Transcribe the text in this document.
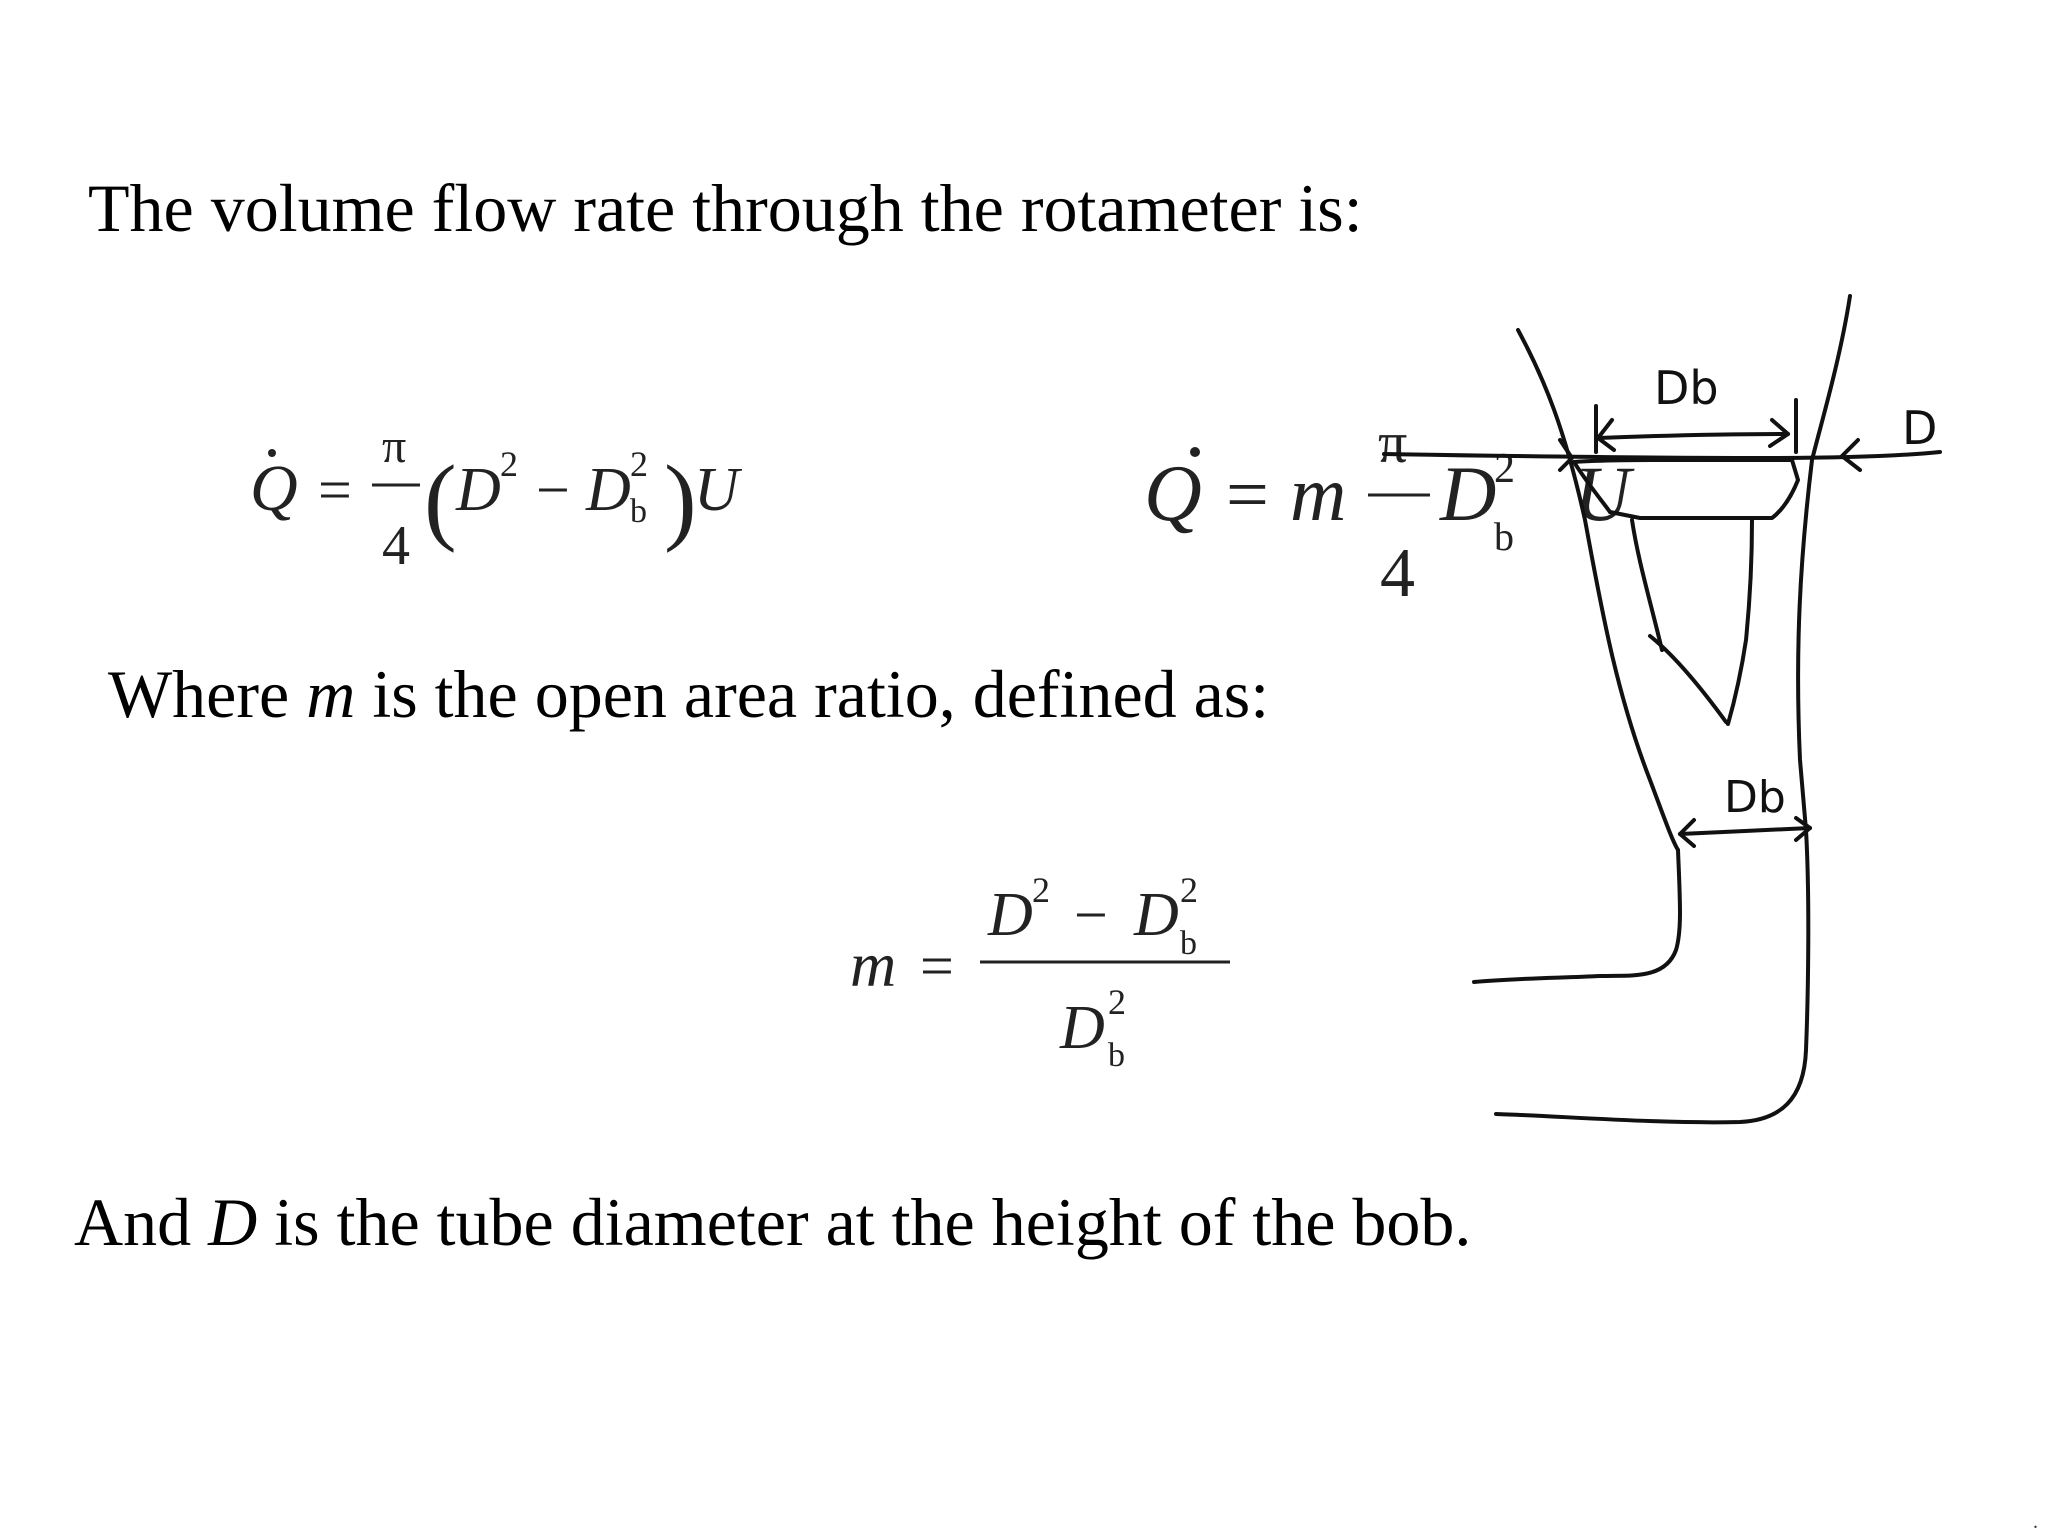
The volume flow rate through the rotameter is:
Where m is the open area ratio, defined as:
And D is the tube diameter at the height of the bob.
Q =
π
4 ( D 2 − D 2
b )
U	Q = m
π
4
D
2
b U
m =
D 2 − D 2
b
D 2
b
Db
D
Db
.
